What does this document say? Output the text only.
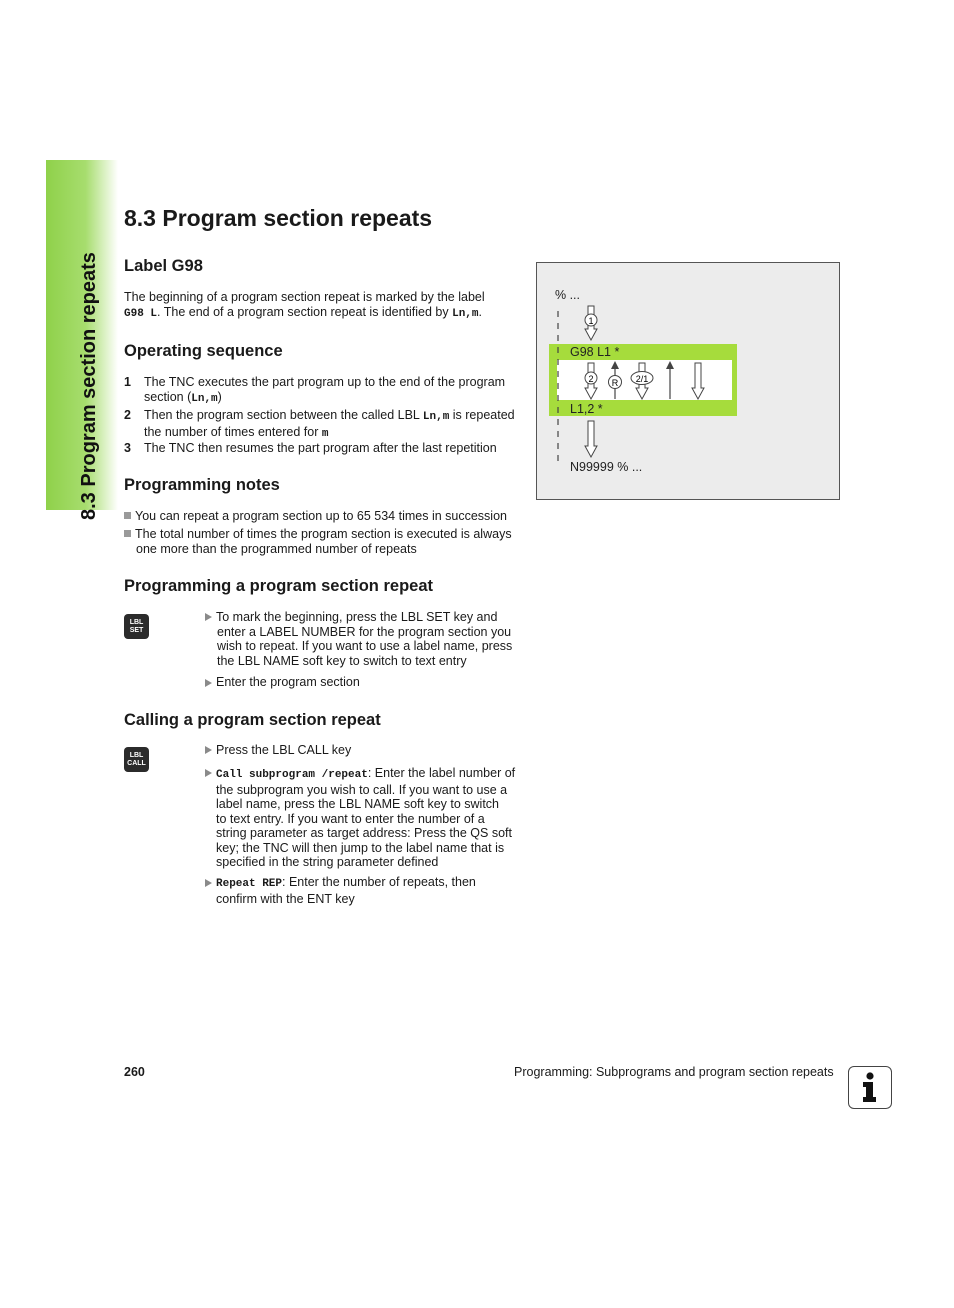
8.3 Program section repeats
8.3 Program section repeats
Label G98
The beginning of a program section repeat is marked by the label
G98 L. The end of a program section repeat is identified by Ln,m.
Operating sequence
1 The TNC executes the part program up to the end of the program
section (Ln,m)
2 Then the program section between the called LBL Ln,m is repeated
the number of times entered for m
3 The TNC then resumes the part program after the last repetition
Programming notes
You can repeat a program section up to 65 534 times in succession
The total number of times the program section is executed is always
one more than the programmed number of repeats
Programming a program section repeat
LBL
SET
To mark the beginning, press the LBL SET key and
enter a LABEL NUMBER for the program section you
wish to repeat. If you want to use a label name, press
the LBL NAME soft key to switch to text entry
Enter the program section
Calling a program section repeat
LBL
CALL
Press the LBL CALL key
Call subprogram /repeat: Enter the label number of
the subprogram you wish to call. If you want to use a
label name, press the LBL NAME soft key to switch
to text entry. If you want to enter the number of a
string parameter as target address: Press the QS soft
key; the TNC will then jump to the label name that is
specified in the string parameter defined
Repeat REP: Enter the number of repeats, then
confirm with the ENT key
% ...
G98 L1 *
L1,2 *
N99999 % ...
1
2 R 2/1
260	Programming: Subprograms and program section repeats
